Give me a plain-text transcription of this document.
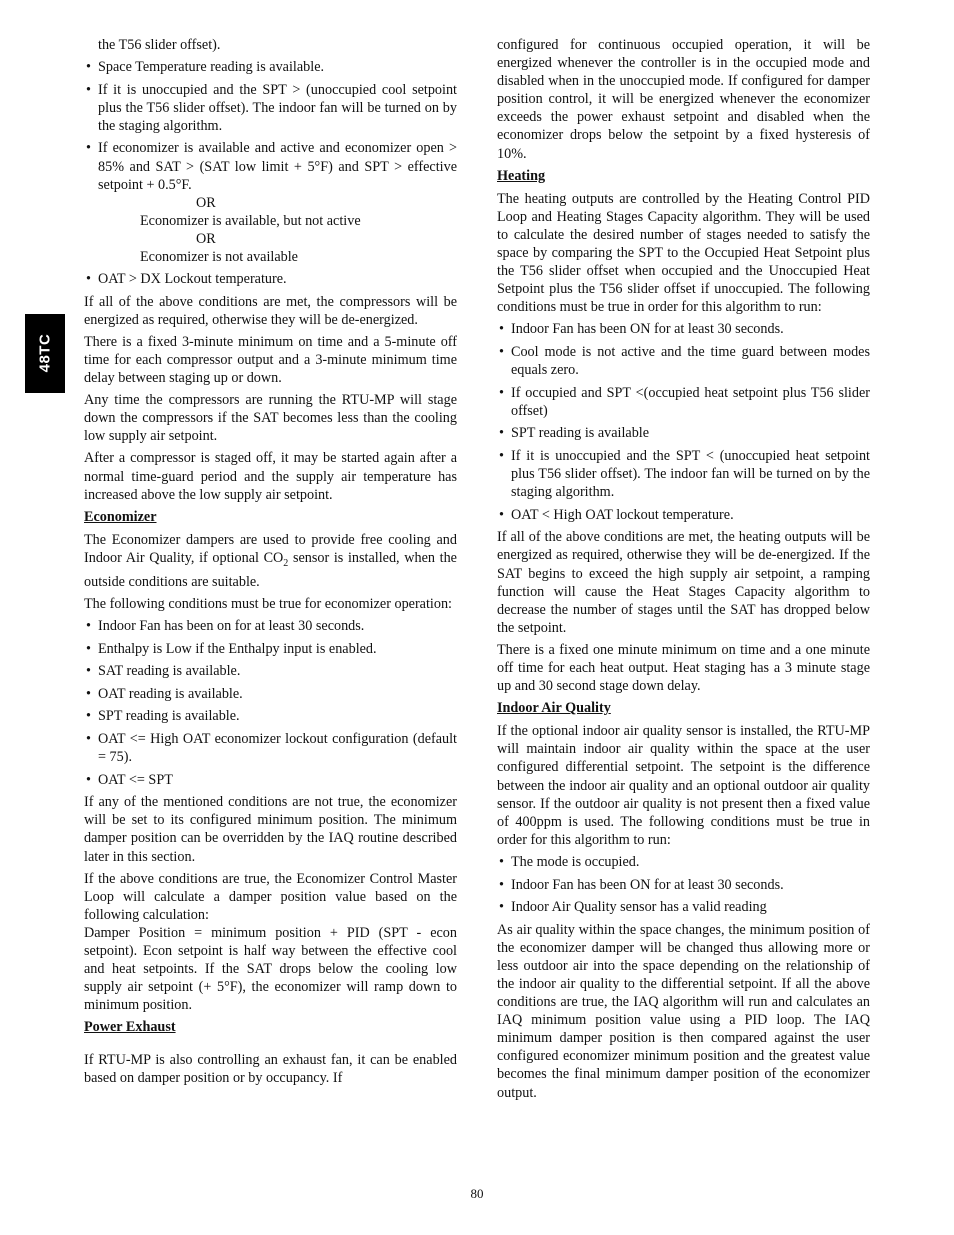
48TC

the T56 slider offset).

• Space Temperature reading is available.
• If it is unoccupied and the SPT > (unoccupied cool setpoint plus the T56 slider offset). The indoor fan will be turned on by the staging algorithm.
• If economizer is available and active and economizer open > 85% and SAT > (SAT low limit + 5°F) and SPT > effective setpoint + 0.5°F.
OR
Economizer is available, but not active
OR
Economizer is not available
• OAT > DX Lockout temperature.

If all of the above conditions are met, the compressors will be energized as required, otherwise they will be de-energized.

There is a fixed 3-minute minimum on time and a 5-minute off time for each compressor output and a 3-minute minimum time delay between staging up or down.

Any time the compressors are running the RTU-MP will stage down the compressors if the SAT becomes less than the cooling low supply air setpoint.

After a compressor is staged off, it may be started again after a normal time-guard period and the supply air temperature has increased above the low supply air setpoint.

Economizer

The Economizer dampers are used to provide free cooling and Indoor Air Quality, if optional $CO_2$ sensor is installed, when the outside conditions are suitable.

The following conditions must be true for economizer operation:

• Indoor Fan has been on for at least 30 seconds.
• Enthalpy is Low if the Enthalpy input is enabled.
• SAT reading is available.
• OAT reading is available.
• SPT reading is available.
• OAT <= High OAT economizer lockout configuration (default = 75).
• OAT <= SPT

If any of the mentioned conditions are not true, the economizer will be set to its configured minimum position. The minimum damper position can be overridden by the IAQ routine described later in this section.

If the above conditions are true, the Economizer Control Master Loop will calculate a damper position value based on the following calculation:

Damper Position = minimum position + PID (SPT - econ setpoint). Econ setpoint is half way between the effective cool and heat setpoints. If the SAT drops below the cooling low supply air setpoint (+ 5°F), the economizer will ramp down to minimum position.

Power Exhaust

If RTU-MP is also controlling an exhaust fan, it can be enabled based on damper position or by occupancy. If

configured for continuous occupied operation, it will be energized whenever the controller is in the occupied mode and disabled when in the unoccupied mode. If configured for damper position control, it will be energized whenever the economizer exceeds the power exhaust setpoint and disabled when the economizer drops below the setpoint by a fixed hysteresis of 10%.

Heating

The heating outputs are controlled by the Heating Control PID Loop and Heating Stages Capacity algorithm. They will be used to calculate the desired number of stages needed to satisfy the space by comparing the SPT to the Occupied Heat Setpoint plus the T56 slider offset when occupied and the Unoccupied Heat Setpoint plus the T56 slider offset if unoccupied. The following conditions must be true in order for this algorithm to run:

• Indoor Fan has been ON for at least 30 seconds.
• Cool mode is not active and the time guard between modes equals zero.
• If occupied and SPT <(occupied heat setpoint plus T56 slider offset)
• SPT reading is available
• If it is unoccupied and the SPT < (unoccupied heat setpoint plus T56 slider offset). The indoor fan will be turned on by the staging algorithm.
• OAT < High OAT lockout temperature.

If all of the above conditions are met, the heating outputs will be energized as required, otherwise they will be de-energized. If the SAT begins to exceed the high supply air setpoint, a ramping function will cause the Heat Stages Capacity algorithm to decrease the number of stages until the SAT has dropped below the setpoint.

There is a fixed one minute minimum on time and a one minute off time for each heat output. Heat staging has a 3 minute stage up and 30 second stage down delay.

Indoor Air Quality

If the optional indoor air quality sensor is installed, the RTU-MP will maintain indoor air quality within the space at the user configured differential setpoint. The setpoint is the difference between the indoor air quality and an optional outdoor air quality sensor. If the outdoor air quality is not present then a fixed value of 400ppm is used. The following conditions must be true in order for this algorithm to run:

• The mode is occupied.
• Indoor Fan has been ON for at least 30 seconds.
• Indoor Air Quality sensor has a valid reading

As air quality within the space changes, the minimum position of the economizer damper will be changed thus allowing more or less outdoor air into the space depending on the relationship of the indoor air quality to the differential setpoint. If all the above conditions are true, the IAQ algorithm will run and calculates an IAQ minimum position value using a PID loop. The IAQ minimum damper position is then compared against the user configured economizer minimum position and the greatest value becomes the final minimum damper position of the economizer output.

80
